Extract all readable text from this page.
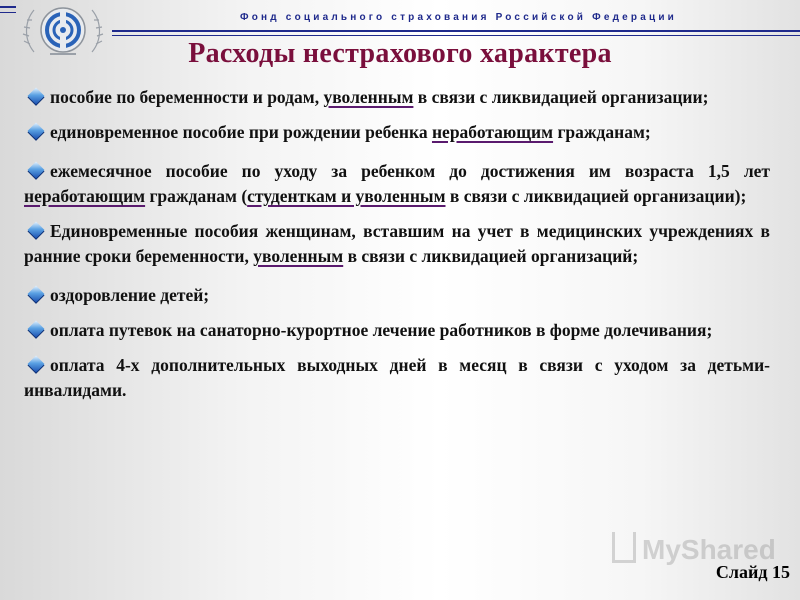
Фонд социального страхования Российской Федерации
Расходы нестрахового характера
пособие по беременности и родам, уволенным в связи с ликвидацией организации;
единовременное пособие при рождении ребенка неработающим гражданам;
ежемесячное пособие по уходу за ребенком до достижения им возраста 1,5 лет неработающим гражданам (студенткам и уволенным в связи с ликвидацией организации);
Единовременные пособия женщинам, вставшим на учет в медицинских учреждениях в ранние сроки беременности, уволенным в связи с ликвидацией организаций;
оздоровление детей;
оплата путевок на санаторно-курортное лечение работников в форме долечивания;
оплата 4-х дополнительных выходных дней в месяц в связи с уходом за детьми-инвалидами.
MyShared
Слайд 15
